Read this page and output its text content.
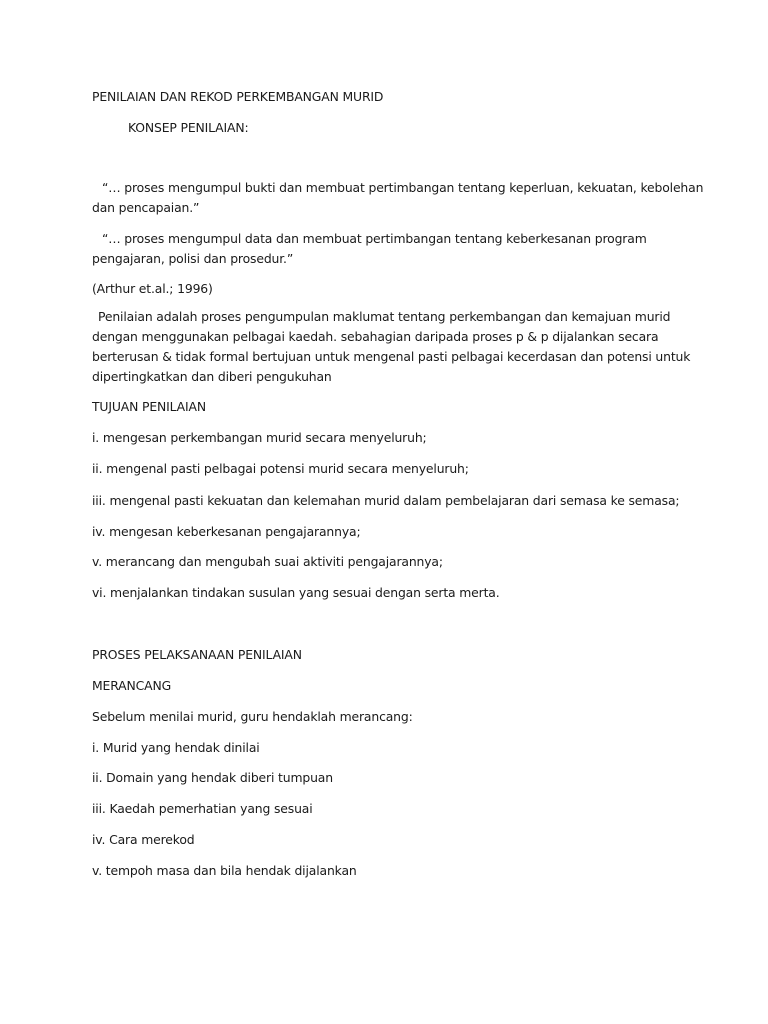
PENILAIAN DAN REKOD PERKEMBANGAN MURID
KONSEP PENILAIAN:
“… proses mengumpul bukti dan membuat pertimbangan tentang keperluan, kekuatan, kebolehan
dan pencapaian.”
“… proses mengumpul data dan membuat pertimbangan tentang keberkesanan program
pengajaran, polisi dan prosedur.”
(Arthur et.al.; 1996)
Penilaian adalah proses pengumpulan maklumat tentang perkembangan dan kemajuan murid
dengan menggunakan pelbagai kaedah. sebahagian daripada proses p & p dijalankan secara
berterusan & tidak formal bertujuan untuk mengenal pasti pelbagai kecerdasan dan potensi untuk
dipertingkatkan dan diberi pengukuhan
TUJUAN PENILAIAN
i. mengesan perkembangan murid secara menyeluruh;
ii. mengenal pasti pelbagai potensi murid secara menyeluruh;
iii. mengenal pasti kekuatan dan kelemahan murid dalam pembelajaran dari semasa ke semasa;
iv. mengesan keberkesanan pengajarannya;
v. merancang dan mengubah suai aktiviti pengajarannya;
vi. menjalankan tindakan susulan yang sesuai dengan serta merta.
PROSES PELAKSANAAN PENILAIAN
MERANCANG
Sebelum menilai murid, guru hendaklah merancang:
i. Murid yang hendak dinilai
ii. Domain yang hendak diberi tumpuan
iii. Kaedah pemerhatian yang sesuai
iv. Cara merekod
v. tempoh masa dan bila hendak dijalankan
